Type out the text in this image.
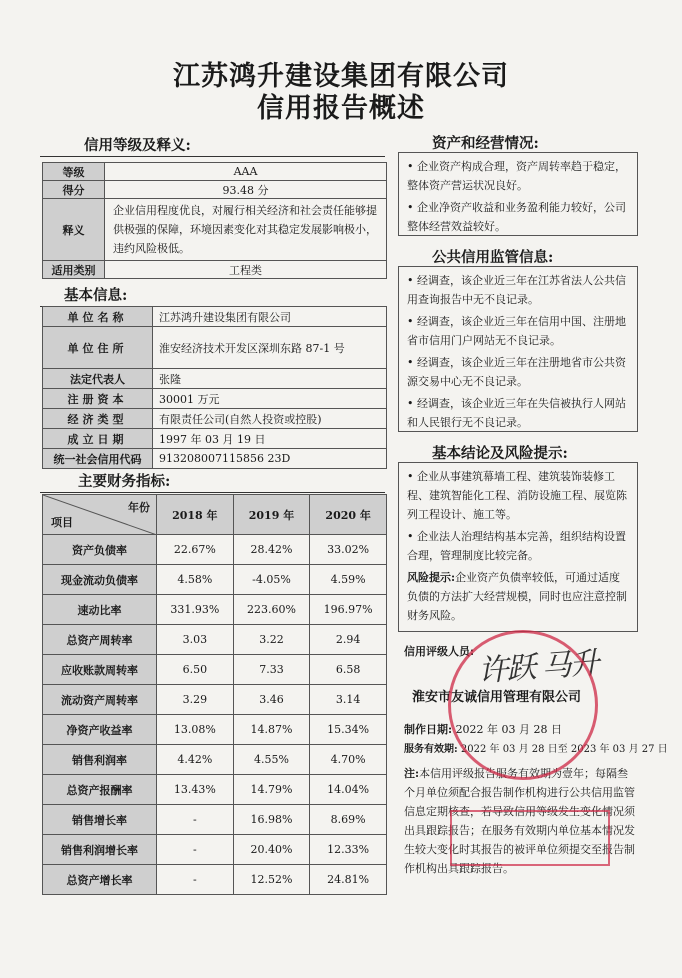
江苏鸿升建设集团有限公司
信用报告概述
信用等级及释义:
等级	AAA
得分	93.48 分
释义	企业信用程度优良，对履行相关经济和社会责任能够提供极强的保障，环境因素变化对其稳定发展影响极小，违约风险极低。
适用类别	工程类
基本信息:
单位名称	江苏鸿升建设集团有限公司
单位住所	淮安经济技术开发区深圳东路 87-1 号
法定代表人	张隆
注册资本	30001 万元
经济类型	有限责任公司(自然人投资或控股)
成立日期	1997 年 03 月 19 日
统一社会信用代码	913208007115856 23D
主要财务指标:
年份
项目	2018 年	2019 年	2020 年
资产负债率	22.67%	28.42%	33.02%
现金流动负债率	4.58%	-4.05%	4.59%
速动比率	331.93%	223.60%	196.97%
总资产周转率	3.03	3.22	2.94
应收账款周转率	6.50	7.33	6.58
流动资产周转率	3.29	3.46	3.14
净资产收益率	13.08%	14.87%	15.34%
销售利润率	4.42%	4.55%	4.70%
总资产报酬率	13.43%	14.79%	14.04%
销售增长率	-	16.98%	8.69%
销售利润增长率	-	20.40%	12.33%
总资产增长率	-	12.52%	24.81%
资产和经营情况:

• 企业资产构成合理，资产周转率趋于稳定，整体资产营运状况良好。

• 企业净资产收益和业务盈利能力较好，公司整体经营效益较好。

公共信用监管信息:

• 经调查，该企业近三年在江苏省法人公共信用查询报告中无不良记录。

• 经调查，该企业近三年在信用中国、注册地省市信用门户网站无不良记录。

• 经调查，该企业近三年在注册地省市公共资源交易中心无不良记录。

• 经调查，该企业近三年在失信被执行人网站和人民银行无不良记录。

基本结论及风险提示:

• 企业从事建筑幕墙工程、建筑装饰装修工程、建筑智能化工程、消防设施工程、展览陈列工程设计、施工等。

• 企业法人治理结构基本完善，组织结构设置合理，管理制度比较完备。

风险提示:企业资产负债率较低，可通过适度负债的方法扩大经营规模，同时也应注意控制财务风险。

信用评级人员: 许跃 马升
淮安市友诚信用管理有限公司
制作日期: 2022 年 03 月 28 日
服务有效期: 2022 年 03 月 28 日至 2023 年 03 月 27 日
注:本信用评级报告服务有效期为壹年；每隔叁个月单位须配合报告制作机构进行公共信用监管信息定期核查，若导致信用等级发生变化情况须出具跟踪报告；在服务有效期内单位基本情况发生较大变化时其报告的被评单位须提交至报告制作机构出具跟踪报告。
